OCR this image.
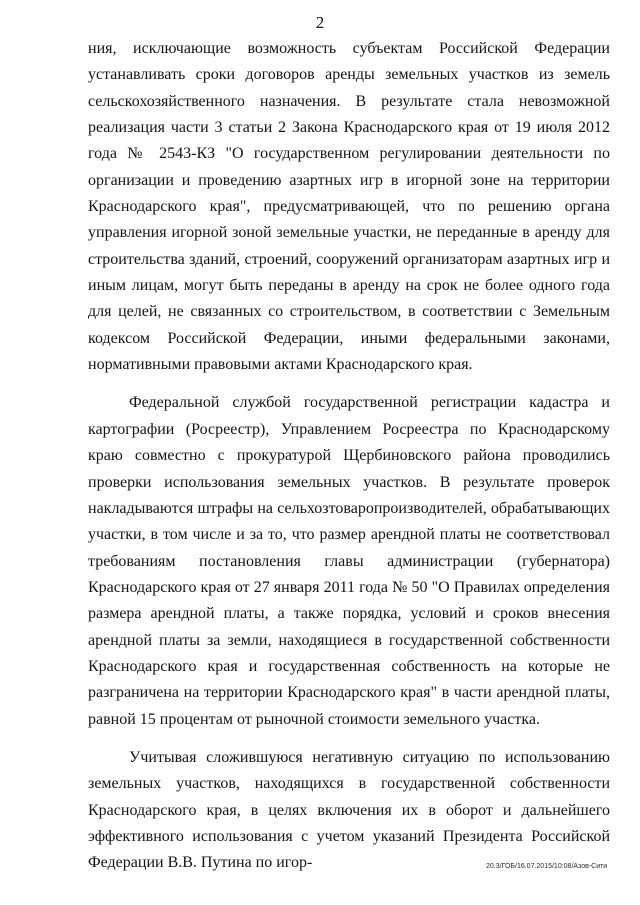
2

ния, исключающие возможность субъектам Российской Федерации устанавливать сроки договоров аренды земельных участков из земель сельскохозяйственного назначения. В результате стала невозможной реализация части 3 статьи 2 Закона Краснодарского края от 19 июля 2012 года № 2543-КЗ "О государственном регулировании деятельности по организации и проведению азартных игр в игорной зоне на территории Краснодарского края", предусматривающей, что по решению органа управления игорной зоной земельные участки, не переданные в аренду для строительства зданий, строений, сооружений организаторам азартных игр и иным лицам, могут быть переданы в аренду на срок не более одного года для целей, не связанных со строительством, в соответствии с Земельным кодексом Российской Федерации, иными федеральными законами, нормативными правовыми актами Краснодарского края.

Федеральной службой государственной регистрации кадастра и картографии (Росреестр), Управлением Росреестра по Краснодарскому краю совместно с прокуратурой Щербиновского района проводились проверки использования земельных участков. В результате проверок накладываются штрафы на сельхозтоваропроизводителей, обрабатывающих участки, в том числе и за то, что размер арендной платы не соответствовал требованиям постановления главы администрации (губернатора) Краснодарского края от 27 января 2011 года № 50 "О Правилах определения размера арендной платы, а также порядка, условий и сроков внесения арендной платы за земли, находящиеся в государственной собственности Краснодарского края и государственная собственность на которые не разграничена на территории Краснодарского края" в части арендной платы, равной 15 процентам от рыночной стоимости земельного участка.

Учитывая сложившуюся негативную ситуацию по использованию земельных участков, находящихся в государственной собственности Краснодарского края, в целях включения их в оборот и дальнейшего эффективного использования с учетом указаний Президента Российской Федерации В.В. Путина по игор-	20.3/ГОБ/16.07.2015/10:08/Азов-Сити
